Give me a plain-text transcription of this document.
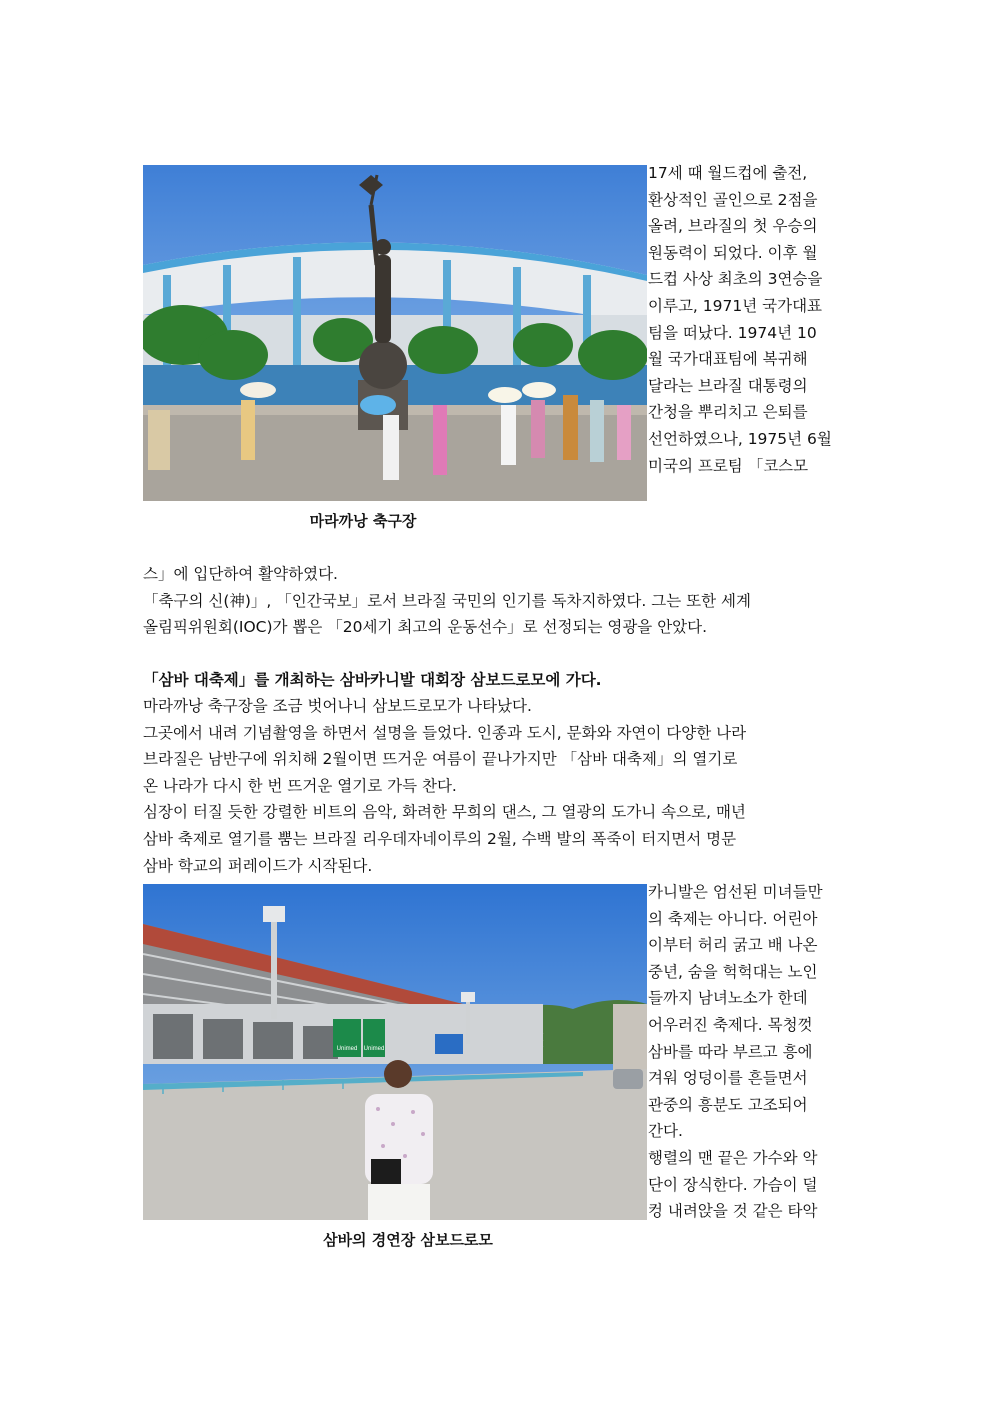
17세 때 월드컵에 출전,
환상적인 골인으로 2점을
올려, 브라질의 첫 우승의
원동력이 되었다. 이후 월
드컵 사상 최초의 3연승을
이루고, 1971년 국가대표
팀을 떠났다. 1974년 10
월 국가대표팀에 복귀해
달라는 브라질 대통령의
간청을 뿌리치고 은퇴를
선언하였으나, 1975년 6월
미국의 프로팀 「코스모
마라까낭 축구장

스」에 입단하여 활약하였다.

「축구의 신(神)」, 「인간국보」로서 브라질 국민의 인기를 독차지하였다. 그는 또한 세계

올림픽위원회(IOC)가 뽑은 「20세기 최고의 운동선수」로 선정되는 영광을 안았다.

「삼바 대축제」를 개최하는 삼바카니발 대회장 삼보드로모에 가다.

마라까낭 축구장을 조금 벗어나니 삼보드로모가 나타났다.

그곳에서 내려 기념촬영을 하면서 설명을 들었다. 인종과 도시, 문화와 자연이 다양한 나라

브라질은 남반구에 위치해 2월이면 뜨거운 여름이 끝나가지만 「삼바 대축제」의 열기로

온 나라가 다시 한 번 뜨거운 열기로 가득 찬다.

심장이 터질 듯한 강렬한 비트의 음악, 화려한 무희의 댄스, 그 열광의 도가니 속으로, 매년

삼바 축제로 열기를 뿜는 브라질 리우데자네이루의 2월, 수백 발의 폭죽이 터지면서 명문

삼바 학교의 퍼레이드가 시작된다.

Unimed Unimed
카니발은 엄선된 미녀들만
의 축제는 아니다. 어린아
이부터 허리 굵고 배 나온
중년, 숨을 헉헉대는 노인
들까지 남녀노소가 한데
어우러진 축제다. 목청껏
삼바를 따라 부르고 흥에
겨워 엉덩이를 흔들면서
관중의 흥분도 고조되어
간다.
행렬의 맨 끝은 가수와 악
단이 장식한다. 가슴이 덜
컹 내려앉을 것 같은 타악
삼바의 경연장 삼보드로모
